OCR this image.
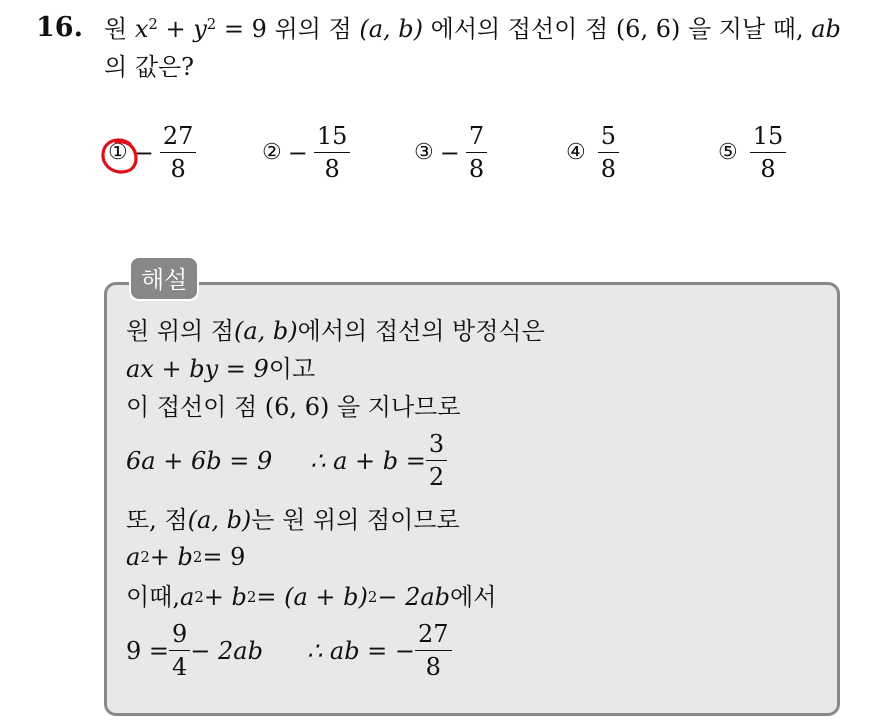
16. 원 $x^2 + y^2 = 9$ 위의 점 (a, b) 에서의 접선이 점 (6, 6) 을 지날 때, ab
의 값은?
① − $\frac{27}{8}$	② − $\frac{15}{8}$	③ − $\frac{7}{8}$	④ $\frac{5}{8}$	⑤ $\frac{15}{8}$
해설
원 위의 점 (a, b) 에서의 접선의 방정식은
ax + by = 9 이고
이 접선이 점 (6, 6) 을 지나므로
6a + 6b = 9 ∴ $a + b = \frac{3}{2}$
또, 점 (a, b) 는 원 위의 점이므로
a 2 + b 2 = 9
이때, a 2 + b 2 = (a + b) 2 − 2ab 에서
$9 = \frac{9}{4} - 2ab$ ∴ ab = − $\frac{27}{8}$
